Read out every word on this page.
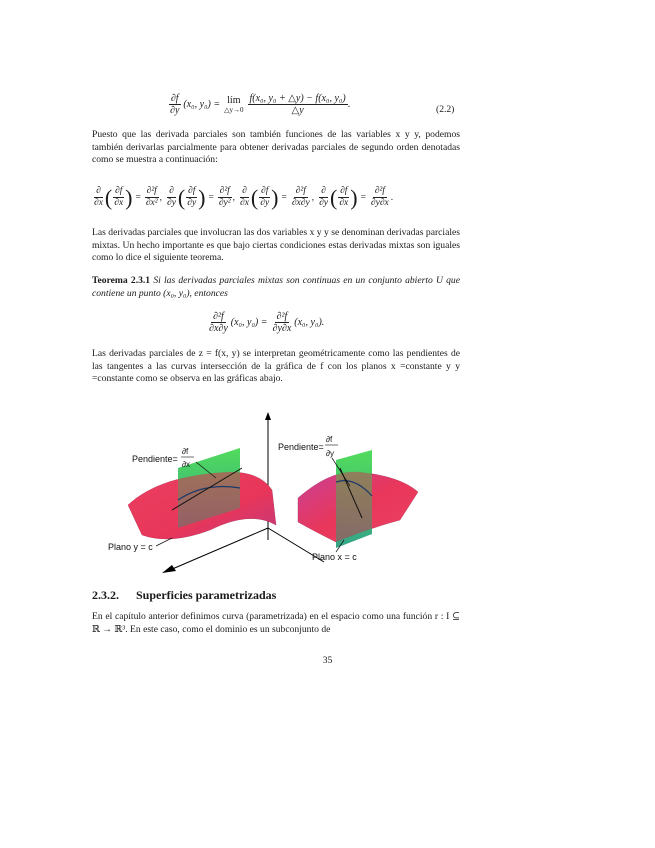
$\frac{\partial f}{\partial y} (x_0$, y₀) = lím
△y→0 $\frac{\text{f(x₀, y₀ + △y) − f(x₀, y₀)}}{\triangle y}$ .	(2.2)
Puesto que las derivada parciales son también funciones de las variables x y y, podemos también derivarlas parcialmente para obtener derivadas parciales de segundo orden denotadas como se muestra a continuación:
$\frac{\partial}{\partial x}$ ( $\frac{\partial f}{\partial x}$ ) = $\frac{\text{∂²f}}{\text{∂x²}}$ , $\frac{\partial}{\partial y}$ ( $\frac{\partial f}{\partial y}$ ) = $\frac{\text{∂²f}}{\text{∂y²}}$ , $\frac{\partial}{\partial x}$ ( $\frac{\partial f}{\partial y}$ ) = $\frac{\text{∂²f}}{\partial x\partial y}$ , $\frac{\partial}{\partial y}$ ( $\frac{\partial f}{\partial x}$ ) = $\frac{\text{∂²f}}{\partial y\partial x}$ .
Las derivadas parciales que involucran las dos variables x y y se denominan derivadas parciales mixtas. Un hecho importante es que bajo ciertas condiciones estas derivadas mixtas son iguales como lo dice el siguiente teorema.
Teorema 2.3.1 Si las derivadas parciales mixtas son continuas en un conjunto abierto U que contiene un punto (x₀, y₀), entonces
$\frac{\text{∂²f}}{\partial x\partial y} (x_0$, $y_0) = \frac{\text{∂²f}}{\partial y\partial x} (x_0$, y₀).
Las derivadas parciales de z = f(x, y) se interpretan geométricamente como las pendientes de las tangentes a las curvas intersección de la gráfica de f con los planos x =constante y y =constante como se observa en las gráficas abajo.
Pendiente=
∂f
∂x
Pendiente=
∂f
∂y
Plano y = c
Plano x = c
2.3.2. Superficies parametrizadas
En el capítulo anterior definimos curva (parametrizada) en el espacio como una función r : I ⊆ ℝ → ℝ³. En este caso, como el dominio es un subconjunto de
35
